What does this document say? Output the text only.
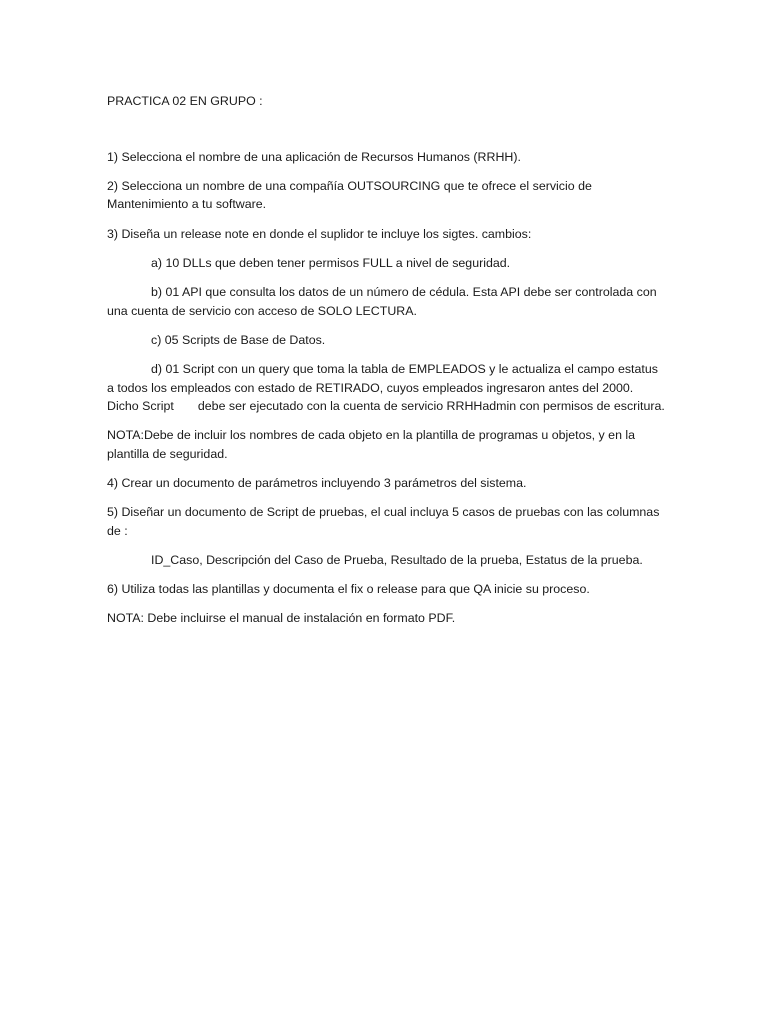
PRACTICA 02 EN GRUPO :

1) Selecciona el nombre de una aplicación de Recursos Humanos (RRHH).

2) Selecciona un nombre de una compañía OUTSOURCING que te ofrece el servicio de Mantenimiento a tu software.

3) Diseña un release note en donde el suplidor te incluye los sigtes. cambios:

a) 10 DLLs que deben tener permisos FULL a nivel de seguridad.

b) 01 API que consulta los datos de un número de cédula. Esta API debe ser controlada con una cuenta de servicio con acceso de SOLO LECTURA.

c) 05 Scripts de Base de Datos.

d) 01 Script con un query que toma la tabla de EMPLEADOS y le actualiza el campo estatus a todos los empleados con estado de RETIRADO, cuyos empleados ingresaron antes del 2000. Dicho Script       debe ser ejecutado con la cuenta de servicio RRHHadmin con permisos de escritura.

NOTA:Debe de incluir los nombres de cada objeto en la plantilla de programas u objetos, y en la plantilla de seguridad.

4) Crear un documento de parámetros incluyendo 3 parámetros del sistema.

5) Diseñar un documento de Script de pruebas, el cual incluya 5 casos de pruebas con las columnas de :

ID_Caso, Descripción del Caso de Prueba, Resultado de la prueba, Estatus de la prueba.

6) Utiliza todas las plantillas y documenta el fix o release para que QA inicie su proceso.

NOTA: Debe incluirse el manual de instalación en formato PDF.
